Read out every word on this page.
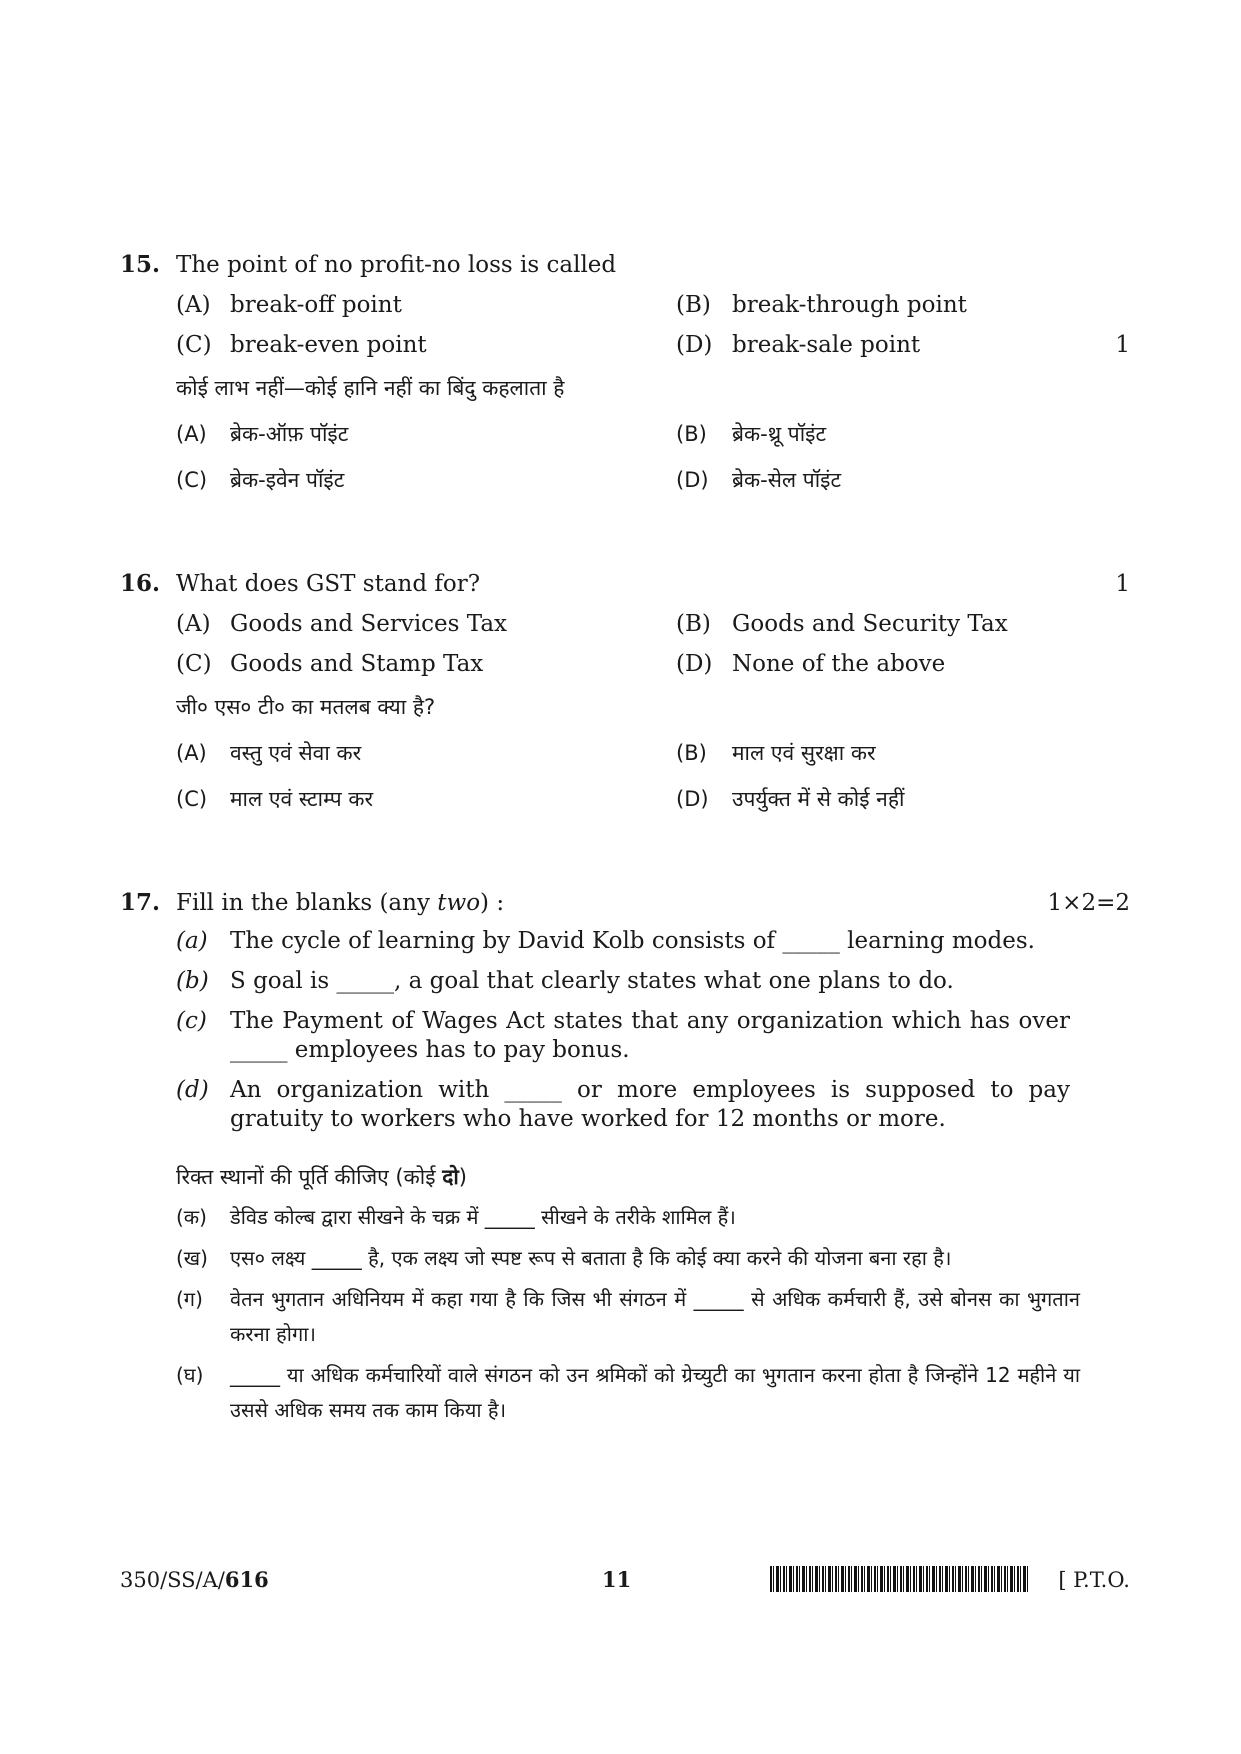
15. The point of no profit-no loss is called
(A) break-off point	(B) break-through point
(C) break-even point	(D) break-sale point	1
कोई लाभ नहीं—कोई हानि नहीं का बिंदु कहलाता है
(A) ब्रेक-ऑफ़ पॉइंट	(B) ब्रेक-थ्रू पॉइंट
(C) ब्रेक-इवेन पॉइंट	(D) ब्रेक-सेल पॉइंट
16. What does GST stand for?	1
(A) Goods and Services Tax	(B) Goods and Security Tax
(C) Goods and Stamp Tax	(D) None of the above
जी० एस० टी० का मतलब क्या है?
(A) वस्तु एवं सेवा कर	(B) माल एवं सुरक्षा कर
(C) माल एवं स्टाम्प कर	(D) उपर्युक्त में से कोई नहीं
17. Fill in the blanks (any two) :	1×2=2
(a) The cycle of learning by David Kolb consists of _____ learning modes.
(b) S goal is _____, a goal that clearly states what one plans to do.
(c) The Payment of Wages Act states that any organization which has over _____ employees has to pay bonus.
(d) An organization with _____ or more employees is supposed to pay gratuity to workers who have worked for 12 months or more.
रिक्त स्थानों की पूर्ति कीजिए (कोई दो)
(क) डेविड कोल्ब द्वारा सीखने के चक्र में _____ सीखने के तरीके शामिल हैं।
(ख) एस० लक्ष्य _____ है, एक लक्ष्य जो स्पष्ट रूप से बताता है कि कोई क्या करने की योजना बना रहा है।
(ग) वेतन भुगतान अधिनियम में कहा गया है कि जिस भी संगठन में _____ से अधिक कर्मचारी हैं, उसे बोनस का भुगतान करना होगा।
(घ) _____ या अधिक कर्मचारियों वाले संगठन को उन श्रमिकों को ग्रेच्युटी का भुगतान करना होता है जिन्होंने 12 महीने या उससे अधिक समय तक काम किया है।
350/SS/A/616	11	[ P.T.O.
